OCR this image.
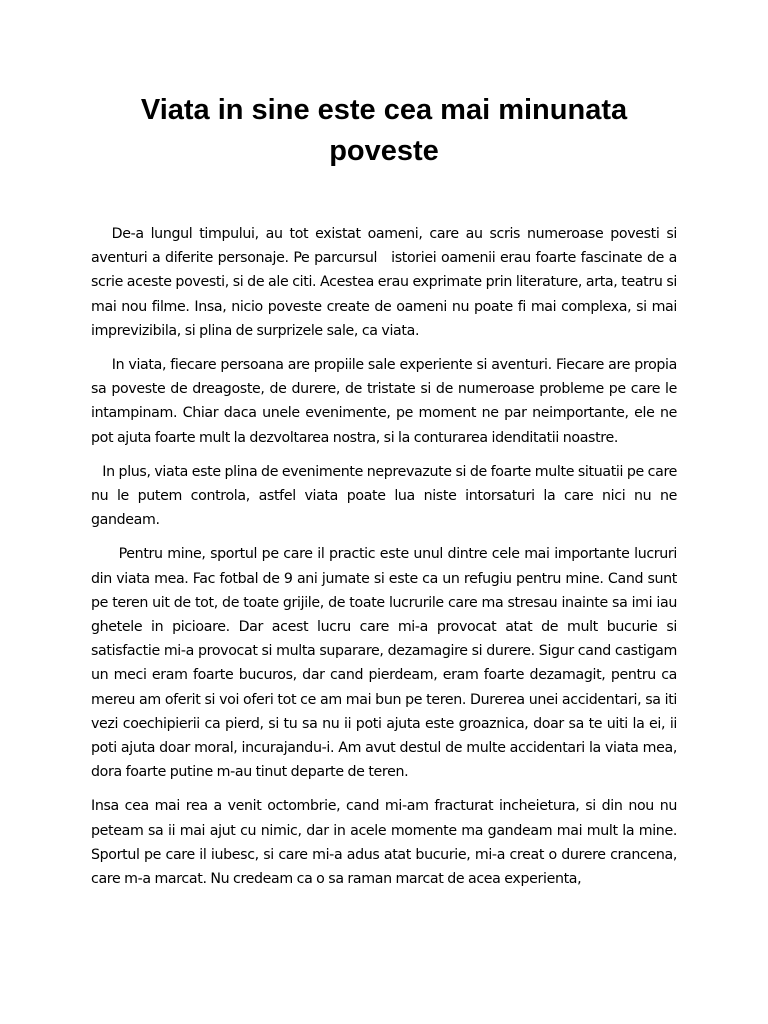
Viata in sine este cea mai minunata poveste

De-a lungul timpului, au tot existat oameni, care au scris numeroase povesti si aventuri a diferite personaje. Pe parcursul   istoriei oamenii erau foarte fascinate de a scrie aceste povesti, si de ale citi. Acestea erau exprimate prin literature, arta, teatru si mai nou filme. Insa, nicio poveste create de oameni nu poate fi mai complexa, si mai imprevizibila, si plina de surprizele sale, ca viata.

In viata, fiecare persoana are propiile sale experiente si aventuri. Fiecare are propia sa poveste de dreagoste, de durere, de tristate si de numeroase probleme pe care le intampinam. Chiar daca unele evenimente, pe moment ne par neimportante, ele ne pot ajuta foarte mult la dezvoltarea nostra, si la conturarea idenditatii noastre.

In plus, viata este plina de evenimente neprevazute si de foarte multe situatii pe care nu le putem controla, astfel viata poate lua niste intorsaturi la care nici nu ne gandeam.

Pentru mine, sportul pe care il practic este unul dintre cele mai importante lucruri din viata mea. Fac fotbal de 9 ani jumate si este ca un refugiu pentru mine. Cand sunt pe teren uit de tot, de toate grijile, de toate lucrurile care ma stresau inainte sa imi iau ghetele in picioare. Dar acest lucru care mi-a provocat atat de mult bucurie si satisfactie mi-a provocat si multa suparare, dezamagire si durere. Sigur cand castigam un meci eram foarte bucuros, dar cand pierdeam, eram foarte dezamagit, pentru ca mereu am oferit si voi oferi tot ce am mai bun pe teren. Durerea unei accidentari, sa iti vezi coechipierii ca pierd, si tu sa nu ii poti ajuta este groaznica, doar sa te uiti la ei, ii poti ajuta doar moral, incurajandu-i. Am avut destul de multe accidentari la viata mea, dora foarte putine m-au tinut departe de teren.

Insa cea mai rea a venit octombrie, cand mi-am fracturat incheietura, si din nou nu peteam sa ii mai ajut cu nimic, dar in acele momente ma gandeam mai mult la mine. Sportul pe care il iubesc, si care mi-a adus atat bucurie, mi-a creat o durere crancena, care m-a marcat. Nu credeam ca o sa raman marcat de acea experienta,
